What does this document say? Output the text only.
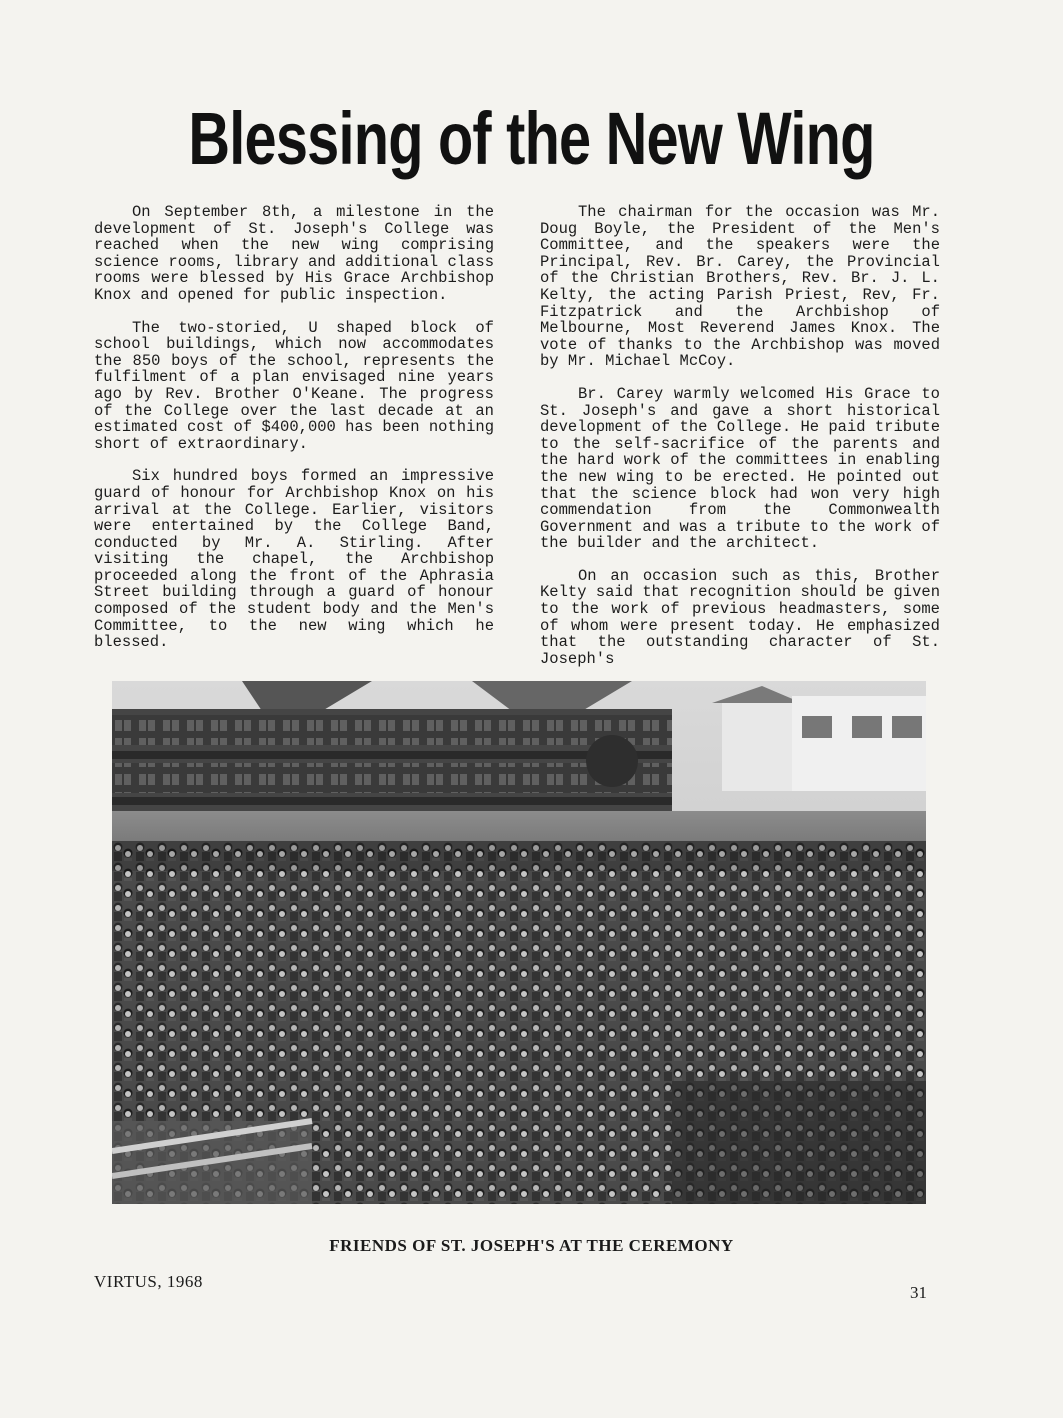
Blessing of the New Wing

On September 8th, a milestone in the development of St. Joseph's College was reached when the new wing comprising science rooms, library and additional class rooms were blessed by His Grace Archbishop Knox and opened for public inspection.

The two-storied, U shaped block of school buildings, which now accommodates the 850 boys of the school, represents the fulfilment of a plan envisaged nine years ago by Rev. Brother O'Keane. The progress of the College over the last decade at an estimated cost of $400,000 has been nothing short of extraordinary.

Six hundred boys formed an impressive guard of honour for Archbishop Knox on his arrival at the College. Earlier, visitors were entertained by the College Band, conducted by Mr. A. Stirling. After visiting the chapel, the Archbishop proceeded along the front of the Aphrasia Street building through a guard of honour composed of the student body and the Men's Committee, to the new wing which he blessed.

The chairman for the occasion was Mr. Doug Boyle, the President of the Men's Committee, and the speakers were the Principal, Rev. Br. Carey, the Provincial of the Christian Brothers, Rev. Br. J. L. Kelty, the acting Parish Priest, Rev, Fr. Fitzpatrick and the Archbishop of Melbourne, Most Reverend James Knox. The vote of thanks to the Archbishop was moved by Mr. Michael McCoy.

Br. Carey warmly welcomed His Grace to St. Joseph's and gave a short historical development of the College. He paid tribute to the self-sacrifice of the parents and the hard work of the committees in enabling the new wing to be erected. He pointed out that the science block had won very high commendation from the Commonwealth Government and was a tribute to the work of the builder and the architect.

On an occasion such as this, Brother Kelty said that recognition should be given to the work of previous headmasters, some of whom were present today. He emphasized that the outstanding character of St. Joseph's

FRIENDS OF ST. JOSEPH'S AT THE CEREMONY
VIRTUS, 1968
31
